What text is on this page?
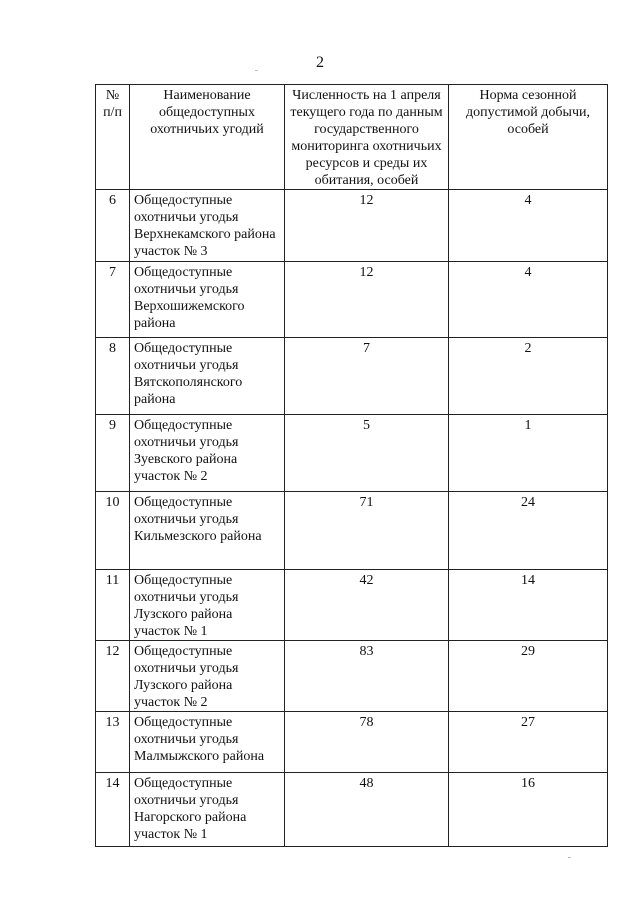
2
№ п/п	Наименование общедоступных охотничьих угодий	Численность на 1 апреля текущего года по данным государственного мониторинга охотничьих ресурсов и среды их обитания, особей	Норма сезонной допустимой добычи, особей
6	Общедоступные охотничьи угодья Верхнекамского района участок № 3	12	4
7	Общедоступные охотничьи угодья Верхошижемского района	12	4
8	Общедоступные охотничьи угодья Вятскополянского района	7	2
9	Общедоступные охотничьи угодья Зуевского района участок № 2	5	1
10	Общедоступные охотничьи угодья Кильмезского района	71	24
11	Общедоступные охотничьи угодья Лузского района участок № 1	42	14
12	Общедоступные охотничьи угодья Лузского района участок № 2	83	29
13	Общедоступные охотничьи угодья Малмыжского района	78	27
14	Общедоступные охотничьи угодья Нагорского района участок № 1	48	16
